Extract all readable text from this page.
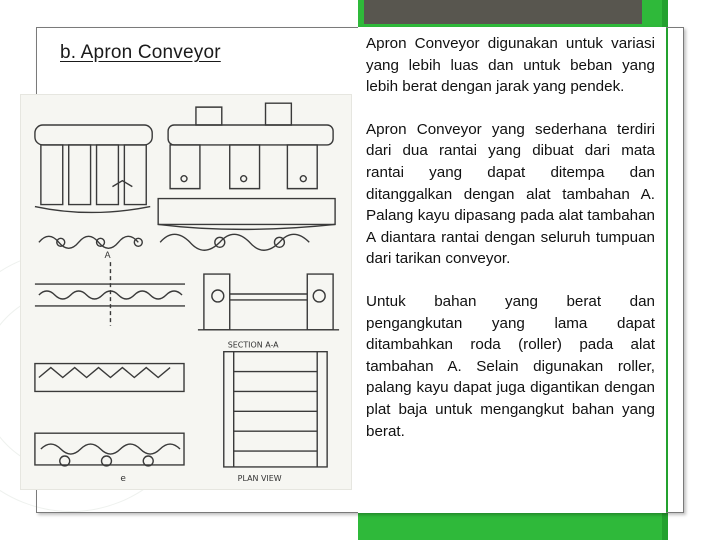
b. Apron Conveyor
A
SECTION A-A
PLAN VIEW
e

Apron Conveyor digunakan untuk variasi yang lebih luas dan untuk beban yang lebih berat dengan jarak yang pendek.

Apron Conveyor yang sederhana terdiri dari dua rantai yang dibuat dari mata rantai yang dapat ditempa dan ditanggalkan dengan alat tambahan A. Palang kayu dipasang pada alat tambahan A diantara rantai dengan seluruh tumpuan dari tarikan conveyor.

Untuk bahan yang berat dan pengangkutan yang lama dapat ditambahkan roda (roller) pada alat tambahan A. Selain digunakan roller, palang kayu dapat juga digantikan dengan plat baja untuk mengangkut bahan yang berat.
